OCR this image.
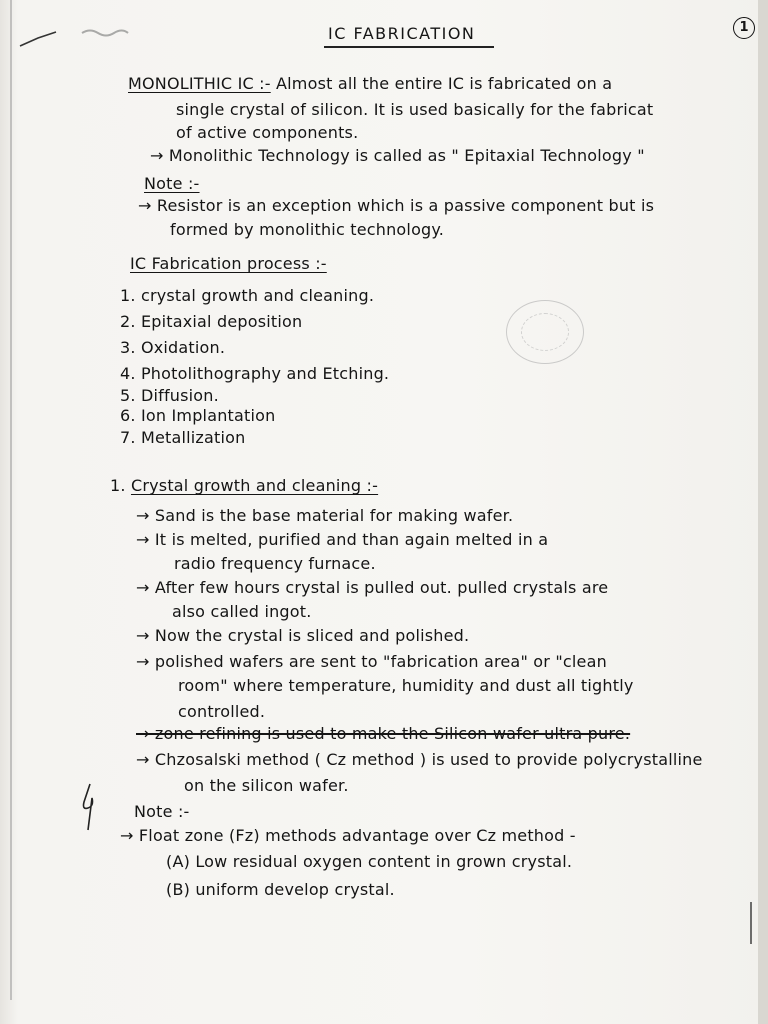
IC FABRICATION	1
MONOLITHIC IC :- Almost all the entire IC is fabricated on a
single crystal of silicon. It is used basically for the fabricat
of active components.
→ Monolithic Technology is called as " Epitaxial Technology "
Note :-
→ Resistor is an exception which is a passive component but is
formed by monolithic technology.
IC Fabrication process :-
1. crystal growth and cleaning.
2. Epitaxial deposition
3. Oxidation.
4. Photolithography and Etching.
5. Diffusion.
6. Ion Implantation
7. Metallization
1. Crystal growth and cleaning :-
→ Sand is the base material for making wafer.
→ It is melted, purified and than again melted in a
radio frequency furnace.
→ After few hours crystal is pulled out. pulled crystals are
also called ingot.
→ Now the crystal is sliced and polished.
→ polished wafers are sent to "fabrication area" or "clean
room" where temperature, humidity and dust all tightly
controlled.
→ zone refining is used to make the Silicon wafer ultra pure.
→ Chzosalski method ( Cz method ) is used to provide polycrystalline
on the silicon wafer.
Note :-
→ Float zone (Fz) methods advantage over Cz method -
(A) Low residual oxygen content in grown crystal.
(B) uniform develop crystal.
